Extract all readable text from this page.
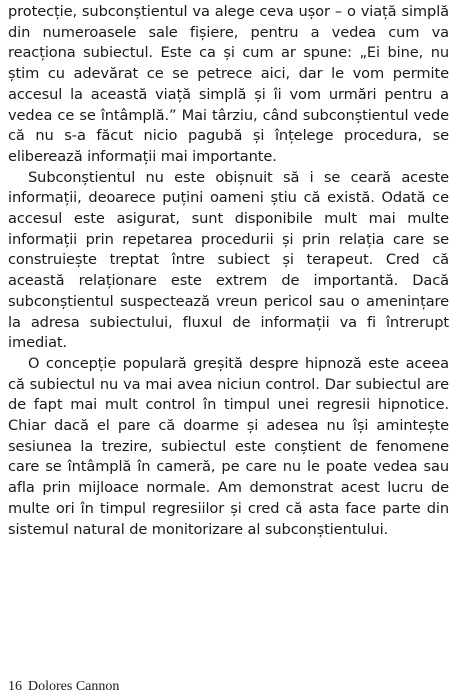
protecție, subconștientul va alege ceva ușor – o viață simplă din numeroasele sale fișiere, pentru a vedea cum va reacționa subiectul. Este ca și cum ar spune: „Ei bine, nu știm cu adevărat ce se petrece aici, dar le vom permite accesul la această viață simplă și îi vom urmări pentru a vedea ce se întâmplă.” Mai târziu, când subconștientul vede că nu s-a făcut nicio pagubă și înțelege procedura, se eliberează informații mai importante.

Subconștientul nu este obișnuit să i se ceară aceste informații, deoarece puțini oameni știu că există. Odată ce accesul este asigurat, sunt disponibile mult mai multe informații prin repetarea procedurii și prin relația care se construiește treptat între subiect și terapeut. Cred că această relaționare este extrem de importantă. Dacă subconștientul suspectează vreun pericol sau o amenințare la adresa subiectului, fluxul de informații va fi întrerupt imediat.

O concepție populară greșită despre hipnoză este aceea că subiectul nu va mai avea niciun control. Dar subiectul are de fapt mai mult control în timpul unei regresii hipnotice. Chiar dacă el pare că doarme și adesea nu își amintește sesiunea la trezire, subiectul este conștient de fenomene care se întâmplă în cameră, pe care nu le poate vedea sau afla prin mijloace normale. Am demonstrat acest lucru de multe ori în timpul regresiilor și cred că asta face parte din sistemul natural de monitorizare al subconștientului.

16 Dolores Cannon
